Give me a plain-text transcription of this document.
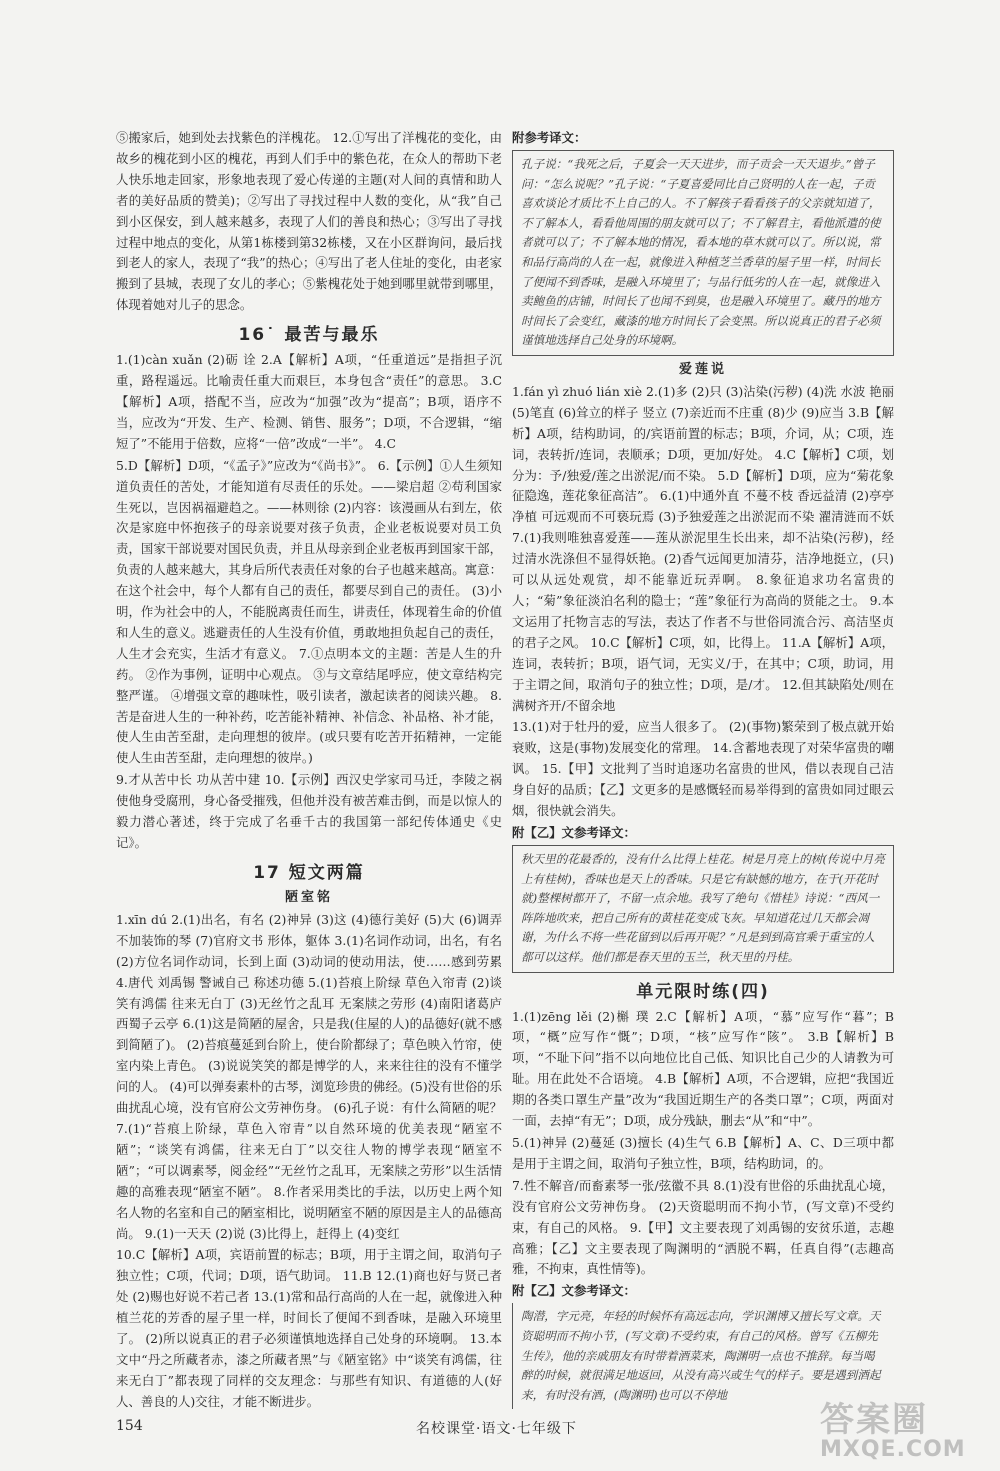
⑤搬家后，她到处去找紫色的洋槐花。 12.①写出了洋槐花的变化，由故乡的槐花到小区的槐花，再到人们手中的紫色花，在众人的帮助下老人快乐地走回家，形象地表现了爱心传递的主题(对人间的真情和助人者的美好品质的赞美)；②写出了寻找过程中人数的变化，从“我”自己到小区保安，到人越来越多，表现了人们的善良和热心；③写出了寻找过程中地点的变化，从第1栋楼到第32栋楼，又在小区群询问，最后找到老人的家人，表现了“我”的热心；④写出了老人住址的变化，由老家搬到了县城，表现了女儿的孝心；⑤紫槐花处于她到哪里就带到哪里，体现着她对儿子的思念。

16˙ 最苦与最乐

1.(1)càn xuǎn (2)砺 诠 2.A【解析】A项，“任重道远”是指担子沉重，路程遥远。比喻责任重大而艰巨，本身包含“责任”的意思。 3.C【解析】A项，搭配不当，应改为“加强”改为“提高”；B项，语序不当，应改为“开发、生产、检测、销售、服务”；D项，不合逻辑，“缩短了”不能用于倍数，应将“一倍”改成“一半”。 4.C

5.D【解析】D项，“《孟子》”应改为“《尚书》”。 6.【示例】①人生须知道负责任的苦处，才能知道有尽责任的乐处。——梁启超 ②苟利国家生死以，岂因祸福避趋之。——林则徐 (2)内容：该漫画从右到左，依次是家庭中怀抱孩子的母亲说要对孩子负责，企业老板说要对员工负责，国家干部说要对国民负责，并且从母亲到企业老板再到国家干部，负责的人越来越大，其身后所代表责任对象的台子也越来越高。寓意：在这个社会中，每个人都有自己的责任，都要尽到自己的责任。 (3)小明，作为社会中的人，不能脱离责任而生，讲责任，体现着生命的价值和人生的意义。逃避责任的人生没有价值，勇敢地担负起自己的责任，人生才会充实，生活才有意义。 7.①点明本文的主题：苦是人生的升药。 ②作为事例，证明中心观点。 ③与文章结尾呼应，使文章结构完整严谨。 ④增强文章的趣味性，吸引读者，激起读者的阅读兴趣。 8.苦是奋进人生的一种补药，吃苦能补精神、补信念、补品格、补才能，使人生由苦至甜，走向理想的彼岸。(或只要有吃苦开拓精神，一定能使人生由苦至甜，走向理想的彼岸。)

9.才从苦中长 功从苦中建 10.【示例】西汉史学家司马迁，李陵之祸使他身受腐刑，身心备受摧残，但他并没有被苦难击倒，而是以惊人的毅力潜心著述，终于完成了名垂千古的我国第一部纪传体通史《史记》。

17 短文两篇
陋室铭

1.xīn dú 2.(1)出名，有名 (2)神异 (3)这 (4)德行美好 (5)大 (6)调弄 不加装饰的琴 (7)官府文书 形体，躯体 3.(1)名词作动词，出名，有名 (2)方位名词作动词，长到上面 (3)动词的使动用法，使……感到劳累 4.唐代 刘禹锡 警诫自己 称述功德 5.(1)苔痕上阶绿 草色入帘青 (2)谈笑有鸿儒 往来无白丁 (3)无丝竹之乱耳 无案牍之劳形 (4)南阳诸葛庐 西蜀子云亭 6.(1)这是简陋的屋舍，只是我(住屋的人)的品德好(就不感到简陋了)。 (2)苔痕蔓延到台阶上，使台阶都绿了；草色映入竹帘，使室内染上青色。 (3)说说笑笑的都是博学的人，来来往往的没有不懂学问的人。 (4)可以弹奏素朴的古琴，浏览珍贵的佛经。(5)没有世俗的乐曲扰乱心境，没有官府公文劳神伤身。 (6)孔子说：有什么简陋的呢？ 7.(1)“苔痕上阶绿，草色入帘青”以自然环境的优美表现“陋室不陋”；“谈笑有鸿儒，往来无白丁”以交往人物的博学表现“陋室不陋”；“可以调素琴，阅金经”“无丝竹之乱耳，无案牍之劳形”以生活情趣的高雅表现“陋室不陋”。 8.作者采用类比的手法，以历史上两个知名人物的名室和自己的陋室相比，说明陋室不陋的原因是主人的品德高尚。 9.(1)一天天 (2)说 (3)比得上，赶得上 (4)变红

10.C【解析】A项，宾语前置的标志；B项，用于主谓之间，取消句子独立性；C项，代词；D项，语气助词。 11.B 12.(1)商也好与贤己者处 (2)赐也好说不若己者 13.(1)常和品行高尚的人在一起，就像进入种植兰花的芳香的屋子里一样，时间长了便闻不到香味，是融入环境里了。 (2)所以说真正的君子必须谨慎地选择自己处身的环境啊。 13.本文中“丹之所藏者赤，漆之所藏者黑”与《陋室铭》中“谈笑有鸿儒，往来无白丁”都表现了同样的交友理念：与那些有知识、有道德的人(好人、善良的人)交往，才能不断进步。

附参考译文：
孔子说：“我死之后，子夏会一天天进步，而子贡会一天天退步。”曾子问：“怎么说呢？”孔子说：“子夏喜爱同比自己贤明的人在一起，子贡喜欢谈论才质比不上自己的人。不了解孩子看看孩子的父亲就知道了，不了解本人，看看他周围的朋友就可以了；不了解君主，看他派遣的使者就可以了；不了解本地的情况，看本地的草木就可以了。所以说，常和品行高尚的人在一起，就像进入种植芝兰香草的屋子里一样，时间长了便闻不到香味，是融入环境里了；与品行低劣的人在一起，就像进入卖鲍鱼的店铺，时间长了也闻不到臭，也是融入环境里了。藏丹的地方时间长了会变红，藏漆的地方时间长了会变黑。所以说真正的君子必须谨慎地选择自己处身的环境啊。
爱莲说

1.fán yì zhuó lián xiè 2.(1)多 (2)只 (3)沾染(污秽) (4)洗 水波 艳丽 (5)笔直 (6)耸立的样子 竖立 (7)亲近而不庄重 (8)少 (9)应当 3.B【解析】A项，结构助词，的/宾语前置的标志；B项，介词，从；C项，连词，表转折/连词，表顺承；D项，更加/好处。 4.C【解析】C项，划分为：予/独爱/莲之出淤泥/而不染。 5.D【解析】D项，应为“菊花象征隐逸，莲花象征高洁”。 6.(1)中通外直 不蔓不枝 香远益清 (2)亭亭净植 可远观而不可亵玩焉 (3)予独爱莲之出淤泥而不染 濯清涟而不妖 7.(1)我则唯独喜爱莲——莲从淤泥里生长出来，却不沾染(污秽)，经过清水洗涤但不显得妖艳。(2)香气远闻更加清芬，洁净地挺立，(只)可以从远处观赏，却不能靠近玩弄啊。 8.象征追求功名富贵的人；“菊”象征淡泊名利的隐士；“莲”象征行为高尚的贤能之士。 9.本文运用了托物言志的写法，表达了作者不与世俗同流合污、高洁坚贞的君子之风。 10.C【解析】C项，如，比得上。 11.A【解析】A项，连词，表转折；B项，语气词，无实义/于，在其中；C项，助词，用于主谓之间，取消句子的独立性；D项，是/才。 12.但其缺陷处/则在满树齐开/不留余地

13.(1)对于牡丹的爱，应当人很多了。 (2)(事物)繁荣到了极点就开始衰败，这是(事物)发展变化的常理。 14.含蓄地表现了对荣华富贵的嘲讽。 15.【甲】文批判了当时追逐功名富贵的世风，借以表现自己洁身自好的品质；【乙】文更多的是感慨轻而易举得到的富贵如同过眼云烟，很快就会消失。

附【乙】文参考译文：
秋天里的花最香的，没有什么比得上桂花。树是月亮上的树(传说中月亮上有桂树)，香味也是天上的香味。只是它有缺憾的地方，在于(开花时就)整棵树都开了，不留一点余地。我写了绝句《惜桂》诗说：“西风一阵阵地吹来，把自己所有的黄桂花变成飞灰。早知道花过几天都会凋谢，为什么不将一些花留到以后再开呢？”凡是到到高官乘于重宝的人都可以这样。他们都是春天里的玉兰，秋天里的丹桂。
单元限时练(四)

1.(1)zēng lěi (2)槲 璞 2.C【解析】A项，“慕”应写作“暮”；B项，“概”应写作“慨”；D项，“核”应写作“陔”。 3.B【解析】B项，“不耻下问”指不以向地位比自己低、知识比自己少的人请教为可耻。用在此处不合语境。 4.B【解析】A项，不合逻辑，应把“我国近期的各类口罩生产量”改为“我国近期生产的各类口罩”；C项，两面对一面，去掉“有无”；D项，成分残缺，删去“从”和“中”。

5.(1)神异 (2)蔓延 (3)擅长 (4)生气 6.B【解析】A、C、D三项中都是用于主谓之间，取消句子独立性，B项，结构助词，的。

7.性不解音/而畜素琴一张/弦徽不具 8.(1)没有世俗的乐曲扰乱心境，没有官府公文劳神伤身。 (2)天资聪明而不拘小节，(写文章)不受约束，有自己的风格。 9.【甲】文主要表现了刘禹锡的安贫乐道，志趣高雅；【乙】文主要表现了陶渊明的“洒脱不羁，任真自得”(志趣高雅，不拘束，真性情等)。

附【乙】文参考译文：
陶潜，字元亮，年轻的时候怀有高远志向，学识渊博又擅长写文章。天资聪明而不拘小节，(写文章)不受约束，有自己的风格。曾写《五柳先生传》，他的亲戚朋友有时带着酒菜来，陶渊明一点也不推辞。每当喝醉的时候，就很满足地返回，从没有高兴或生气的样子。要是遇到酒起来，有时没有酒，(陶渊明)也可以不停地
154	名校课堂·语文·七年级下	答案圈
MXQE.COM
